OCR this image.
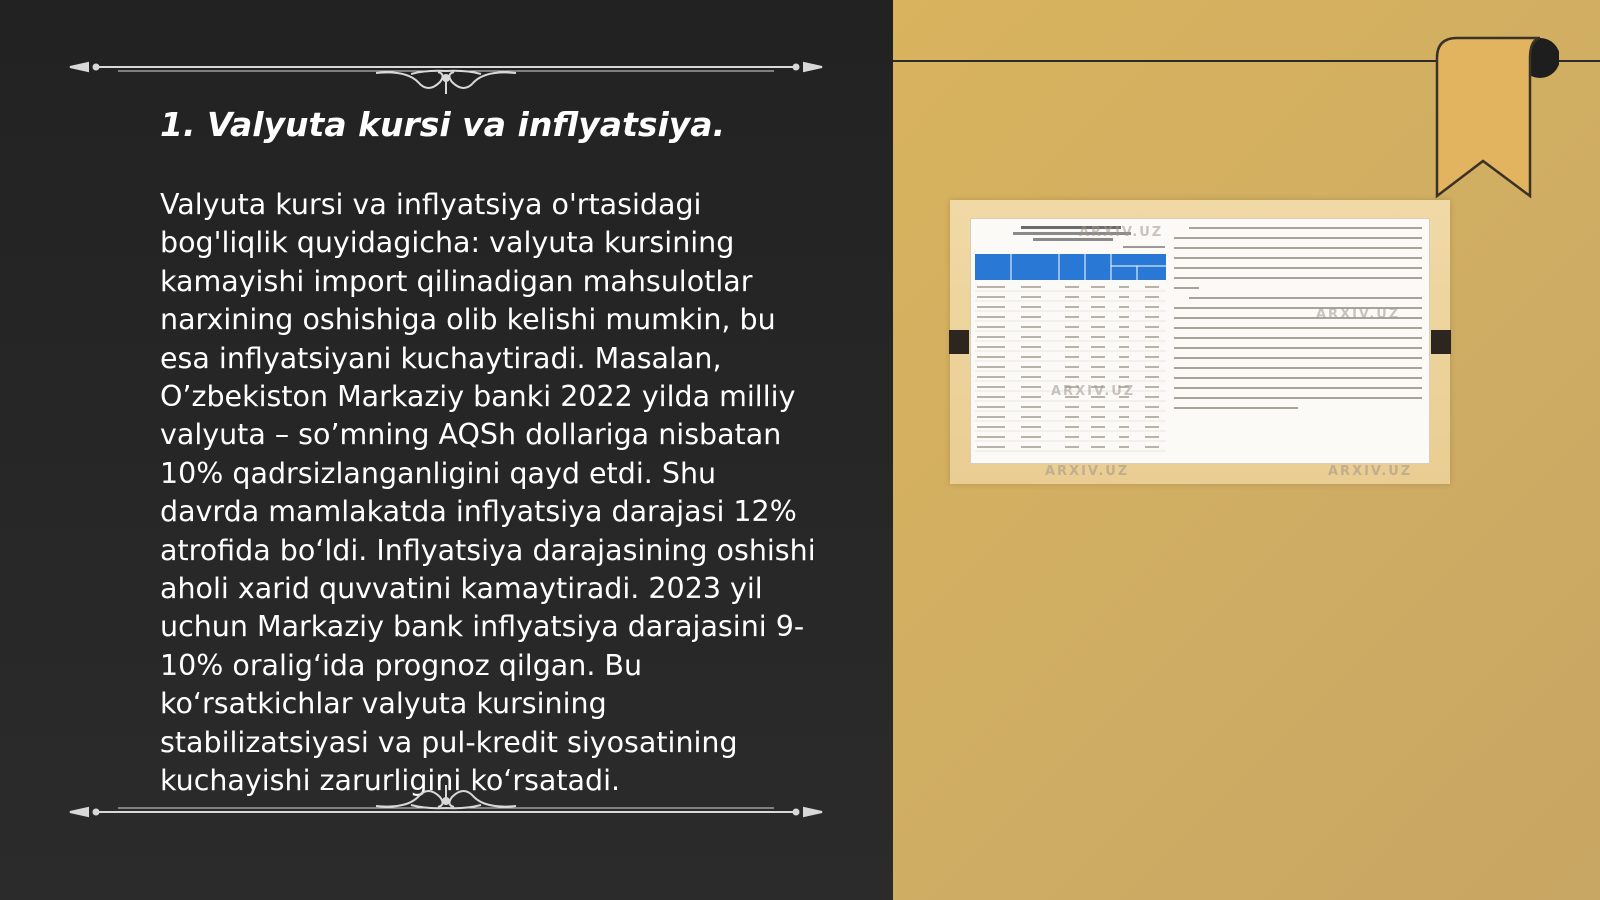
1. Valyuta kursi va inflyatsiya.
Valyuta kursi va inflyatsiya o'rtasidagi bog'liqlik quyidagicha: valyuta kursining kamayishi import qilinadigan mahsulotlar narxining oshishiga olib kelishi mumkin, bu esa inflyatsiyani kuchaytiradi. Masalan, O’zbekiston Markaziy banki 2022 yilda milliy valyuta – so’mning AQSh dollariga nisbatan 10% qadrsizlanganligini qayd etdi. Shu davrda mamlakatda inflyatsiya darajasi 12% atrofida bo‘ldi. Inflyatsiya darajasining oshishi aholi xarid quvvatini kamaytiradi. 2023 yil uchun Markaziy bank inflyatsiya darajasini 9-10% oralig‘ida prognoz qilgan. Bu ko‘rsatkichlar valyuta kursining stabilizatsiyasi va pul-kredit siyosatining kuchayishi zarurligini ko‘rsatadi.
ARXIV.UZ
ARXIV.UZ
ARXIV.UZ
ARXIV.UZ	ARXIV.UZ
